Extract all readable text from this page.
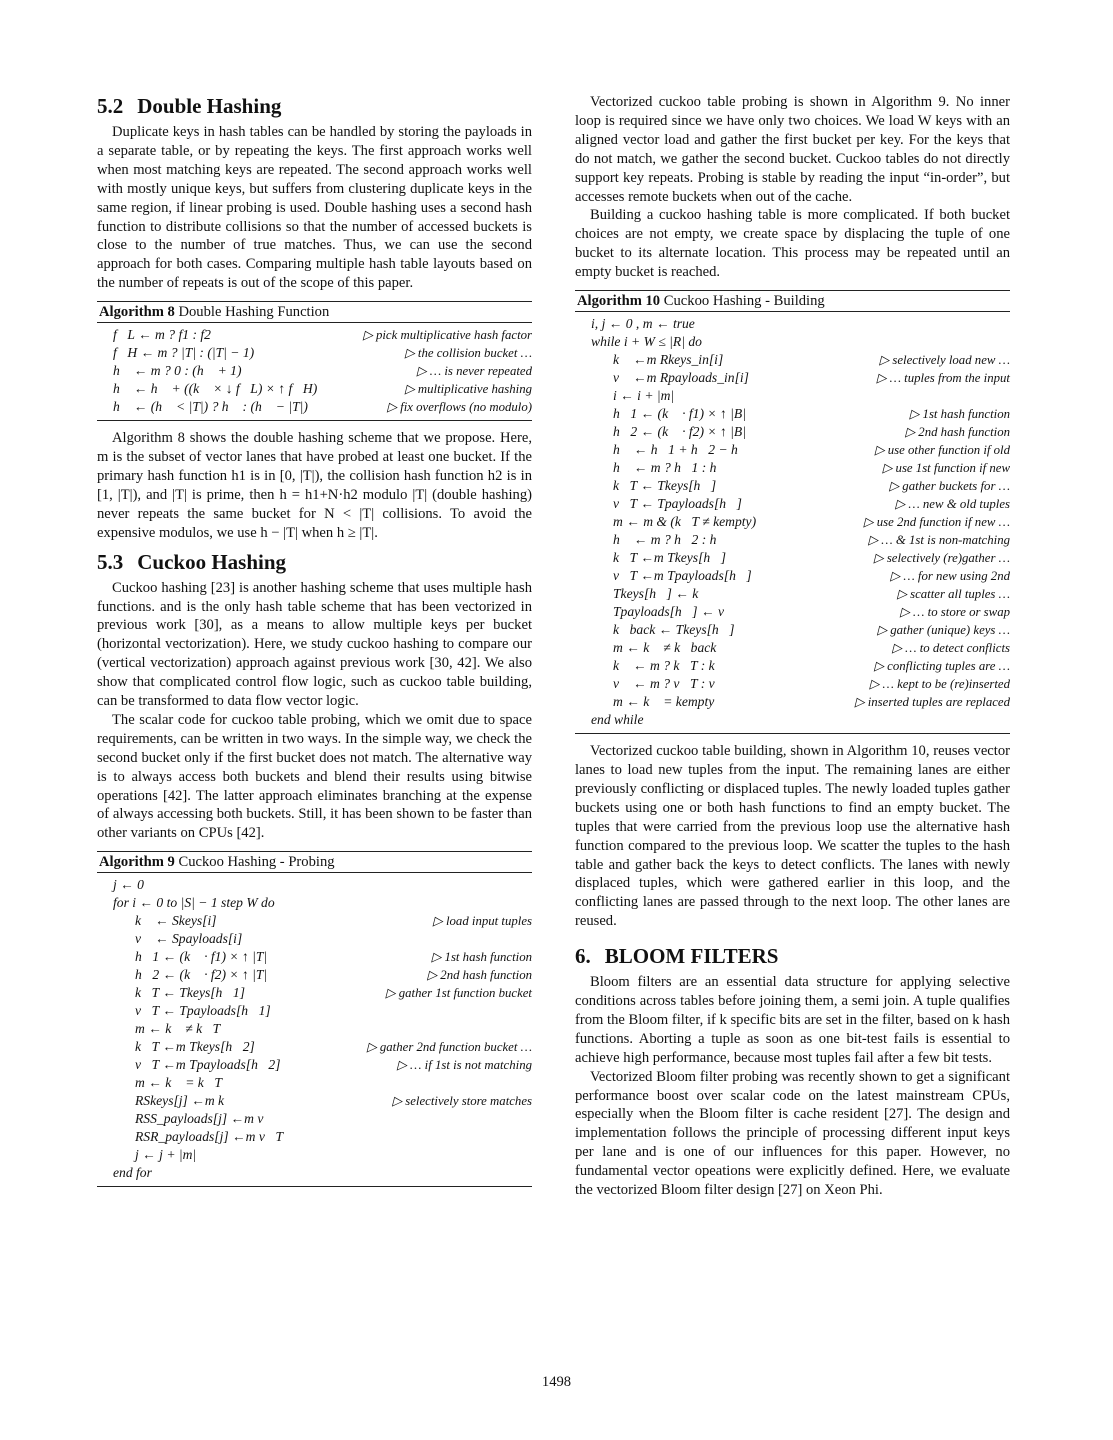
5.2 Double Hashing

Duplicate keys in hash tables can be handled by storing the payloads in a separate table, or by repeating the keys. The first approach works well when most matching keys are repeated. The second approach works well with mostly unique keys, but suffers from clustering duplicate keys in the same region, if linear probing is used. Double hashing uses a second hash function to distribute collisions so that the number of accessed buckets is close to the number of true matches. Thus, we can use the second approach for both cases. Comparing multiple hash table layouts based on the number of repeats is out of the scope of this paper.

Algorithm 8 Double Hashing Function
f⃗L ← m ? f1 : f2	▷ pick multiplicative hash factor
f⃗H ← m ? |T| : (|T| − 1)	▷ the collision bucket …
h⃗ ← m ? 0 : (h⃗ + 1)	▷ … is never repeated
h⃗ ← h⃗ + ((k⃗ × ↓ f⃗L) × ↑ f⃗H)	▷ multiplicative hashing
h⃗ ← (h⃗ < |T|) ? h⃗ : (h⃗ − |T|)	▷ fix overflows (no modulo)

Algorithm 8 shows the double hashing scheme that we propose. Here, m is the subset of vector lanes that have probed at least one bucket. If the primary hash function h1 is in [0, |T|), the collision hash function h2 is in [1, |T|), and |T| is prime, then h = h1+N·h2 modulo |T| (double hashing) never repeats the same bucket for N < |T| collisions. To avoid the expensive modulos, we use h − |T| when h ≥ |T|.

5.3 Cuckoo Hashing

Cuckoo hashing [23] is another hashing scheme that uses multiple hash functions. and is the only hash table scheme that has been vectorized in previous work [30], as a means to allow multiple keys per bucket (horizontal vectorization). Here, we study cuckoo hashing to compare our (vertical vectorization) approach against previous work [30, 42]. We also show that complicated control flow logic, such as cuckoo table building, can be transformed to data flow vector logic.

The scalar code for cuckoo table probing, which we omit due to space requirements, can be written in two ways. In the simple way, we check the second bucket only if the first bucket does not match. The alternative way is to always access both buckets and blend their results using bitwise operations [42]. The latter approach eliminates branching at the expense of always accessing both buckets. Still, it has been shown to be faster than other variants on CPUs [42].

Algorithm 9 Cuckoo Hashing - Probing
j ← 0
for i ← 0 to |S| − 1 step W do
k⃗ ← Skeys[i]	▷ load input tuples
v⃗ ← Spayloads[i]
h⃗1 ← (k⃗ · f1) × ↑ |T|	▷ 1st hash function
h⃗2 ← (k⃗ · f2) × ↑ |T|	▷ 2nd hash function
k⃗T ← Tkeys[h⃗1]	▷ gather 1st function bucket
v⃗T ← Tpayloads[h⃗1]
m ← k⃗ ≠ k⃗T
k⃗T ←m Tkeys[h⃗2]	▷ gather 2nd function bucket …
v⃗T ←m Tpayloads[h⃗2]	▷ … if 1st is not matching
m ← k⃗ = k⃗T
RSkeys[j] ←m k⃗	▷ selectively store matches
RSS_payloads[j] ←m v⃗
RSR_payloads[j] ←m v⃗T
j ← j + |m|
end for

Vectorized cuckoo table probing is shown in Algorithm 9. No inner loop is required since we have only two choices. We load W keys with an aligned vector load and gather the first bucket per key. For the keys that do not match, we gather the second bucket. Cuckoo tables do not directly support key repeats. Probing is stable by reading the input “in-order”, but accesses remote buckets when out of the cache.

Building a cuckoo hashing table is more complicated. If both bucket choices are not empty, we create space by displacing the tuple of one bucket to its alternate location. This process may be repeated until an empty bucket is reached.

Algorithm 10 Cuckoo Hashing - Building
i, j ← 0 , m ← true
while i + W ≤ |R| do
k⃗ ←m Rkeys_in[i]	▷ selectively load new …
v⃗ ←m Rpayloads_in[i]	▷ … tuples from the input
i ← i + |m|
h⃗1 ← (k⃗ · f1) × ↑ |B|	▷ 1st hash function
h⃗2 ← (k⃗ · f2) × ↑ |B|	▷ 2nd hash function
h⃗ ← h⃗1 + h⃗2 − h⃗	▷ use other function if old
h⃗ ← m ? h⃗1 : h⃗	▷ use 1st function if new
k⃗T ← Tkeys[h⃗]	▷ gather buckets for …
v⃗T ← Tpayloads[h⃗]	▷ … new & old tuples
m ← m & (k⃗T ≠ kempty)	▷ use 2nd function if new …
h⃗ ← m ? h⃗2 : h⃗	▷ … & 1st is non-matching
k⃗T ←m Tkeys[h⃗]	▷ selectively (re)gather …
v⃗T ←m Tpayloads[h⃗]	▷ … for new using 2nd
Tkeys[h⃗] ← k⃗	▷ scatter all tuples …
Tpayloads[h⃗] ← v⃗	▷ … to store or swap
k⃗back ← Tkeys[h⃗]	▷ gather (unique) keys …
m ← k⃗ ≠ k⃗back	▷ … to detect conflicts
k⃗ ← m ? k⃗T : k⃗	▷ conflicting tuples are …
v⃗ ← m ? v⃗T : v⃗	▷ … kept to be (re)inserted
m ← k⃗ = kempty	▷ inserted tuples are replaced
end while

Vectorized cuckoo table building, shown in Algorithm 10, reuses vector lanes to load new tuples from the input. The remaining lanes are either previously conflicting or displaced tuples. The newly loaded tuples gather buckets using one or both hash functions to find an empty bucket. The tuples that were carried from the previous loop use the alternative hash function compared to the previous loop. We scatter the tuples to the hash table and gather back the keys to detect conflicts. The lanes with newly displaced tuples, which were gathered earlier in this loop, and the conflicting lanes are passed through to the next loop. The other lanes are reused.

6. BLOOM FILTERS

Bloom filters are an essential data structure for applying selective conditions across tables before joining them, a semi join. A tuple qualifies from the Bloom filter, if k specific bits are set in the filter, based on k hash functions. Aborting a tuple as soon as one bit-test fails is essential to achieve high performance, because most tuples fail after a few bit tests.

Vectorized Bloom filter probing was recently shown to get a significant performance boost over scalar code on the latest mainstream CPUs, especially when the Bloom filter is cache resident [27]. The design and implementation follows the principle of processing different input keys per lane and is one of our influences for this paper. However, no fundamental vector opeations were explicitly defined. Here, we evaluate the vectorized Bloom filter design [27] on Xeon Phi.

1498
